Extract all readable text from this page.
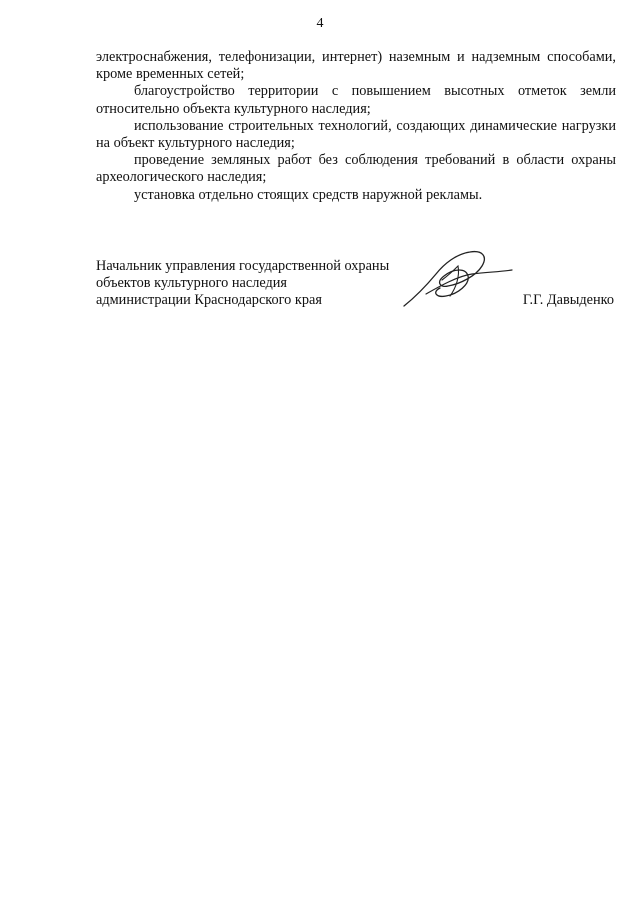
4

электроснабжения, телефонизации, интернет) наземным и надземным способами, кроме временных сетей;

благоустройство территории с повышением высотных отметок земли относительно объекта культурного наследия;

использование строительных технологий, создающих динамические нагрузки на объект культурного наследия;

проведение земляных работ без соблюдения требований в области охраны археологического наследия;

установка отдельно стоящих средств наружной рекламы.

Начальник управления государственной охраны
объектов культурного наследия
администрации Краснодарского края	Г.Г. Давыденко
